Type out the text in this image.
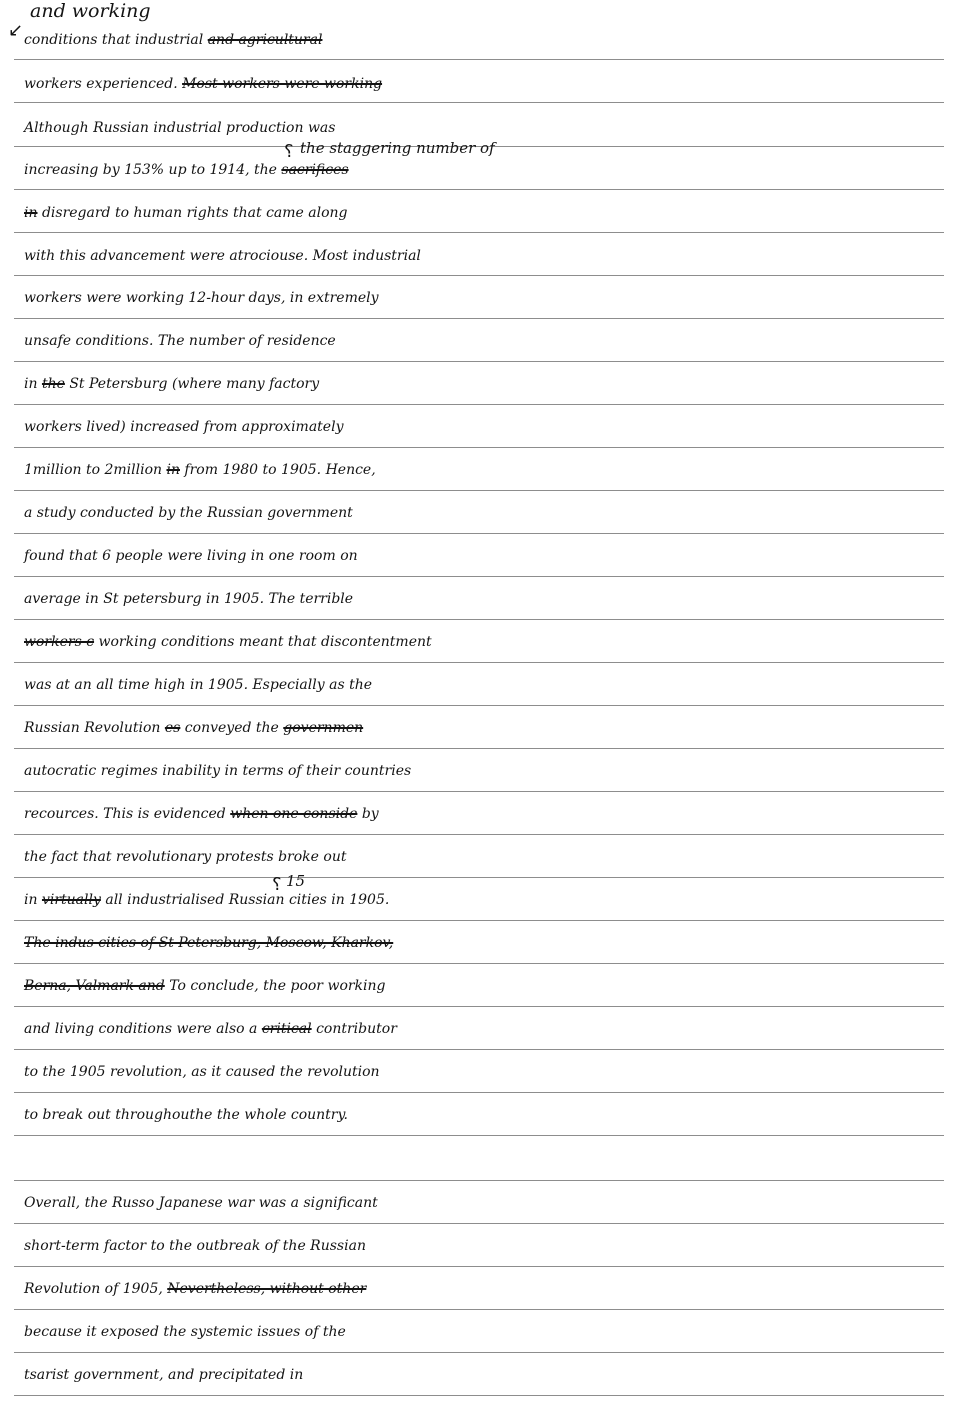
and working
↙ conditions that industrial and agricultural
workers experienced. Most workers were working
Although Russian industrial production was
increasing by 153% up to 1914, the sacrifices
in disregard to human rights that came along
with this advancement were atrociouse. Most industrial
workers were working 12-hour days, in extremely
unsafe conditions. The number of residence
in the St Petersburg (where many factory
workers lived) increased from approximately
1million to 2million in from 1980 to 1905. Hence,
a study conducted by the Russian government
found that 6 people were living in one room on
average in St petersburg in 1905. The terrible
workers c working conditions meant that discontentment
was at an all time high in 1905. Especially as the
Russian Revolution es conveyed the governmen
autocratic regimes inability in terms of their countries
recources. This is evidenced when one conside by
the fact that revolutionary protests broke out
in virtually all industrialised Russian cities in 1905.
The indus cities of St Petersburg, Moscow, Kharkov,
Berna, Valmark and To conclude, the poor working
and living conditions were also a critical contributor
to the 1905 revolution, as it caused the revolution
to break out throughouthe the whole country.
Overall, the Russo Japanese war was a significant
short-term factor to the outbreak of the Russian
Revolution of 1905, Nevertheless, without other
because it exposed the systemic issues of the
tsarist government, and precipitated in
⸮ the staggering number of
⸮ 15
